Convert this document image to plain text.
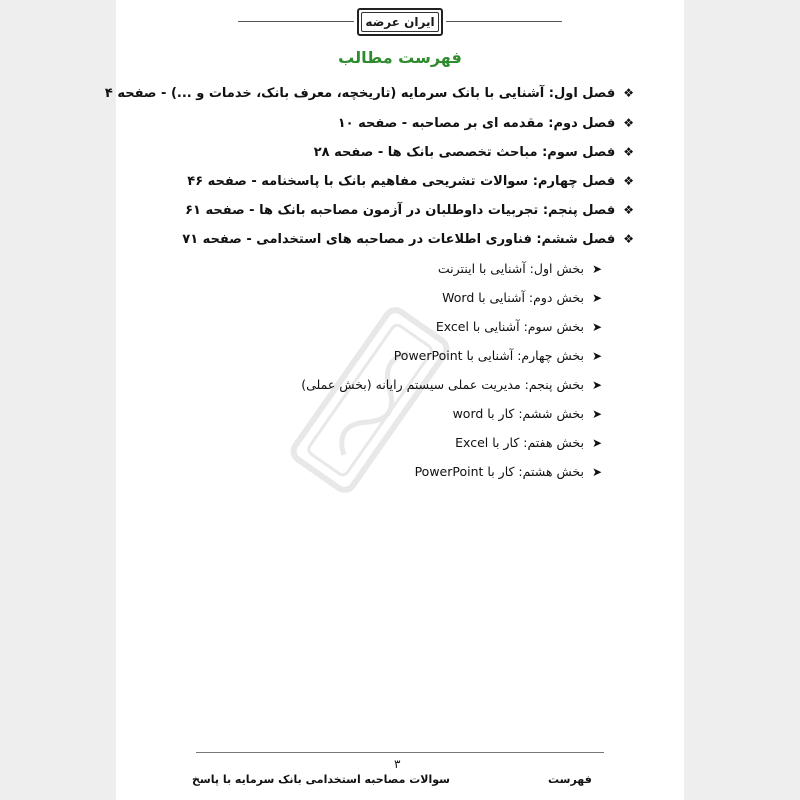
ایران عرضه
فهرست مطالب
❖فصل اول: آشنایی با بانک سرمایه (تاریخچه، معرف بانک، خدمات و ...) - صفحه ۴
❖فصل دوم: مقدمه ای بر مصاحبه - صفحه ۱۰
❖فصل سوم: مباحث تخصصی بانک ها - صفحه ۲۸
❖فصل چهارم: سوالات تشریحی مفاهیم بانک با پاسخنامه - صفحه ۴۶
❖فصل پنجم: تجربیات داوطلبان در آزمون مصاحبه بانک ها - صفحه ۶۱
❖فصل ششم: فناوری اطلاعات در مصاحبه های استخدامی - صفحه ۷۱
➤بخش اول: آشنایی با اینترنت
➤بخش دوم: آشنایی با Word
➤بخش سوم: آشنایی با Excel
➤بخش چهارم: آشنایی با PowerPoint
➤بخش پنجم: مدیریت عملی سیستم رایانه (بخش عملی)
➤بخش ششم: کار با word
➤بخش هفتم: کار با Excel
➤بخش هشتم: کار با PowerPoint
۳
سوالات مصاحبه استخدامی بانک سرمایه با پاسخ	فهرست
